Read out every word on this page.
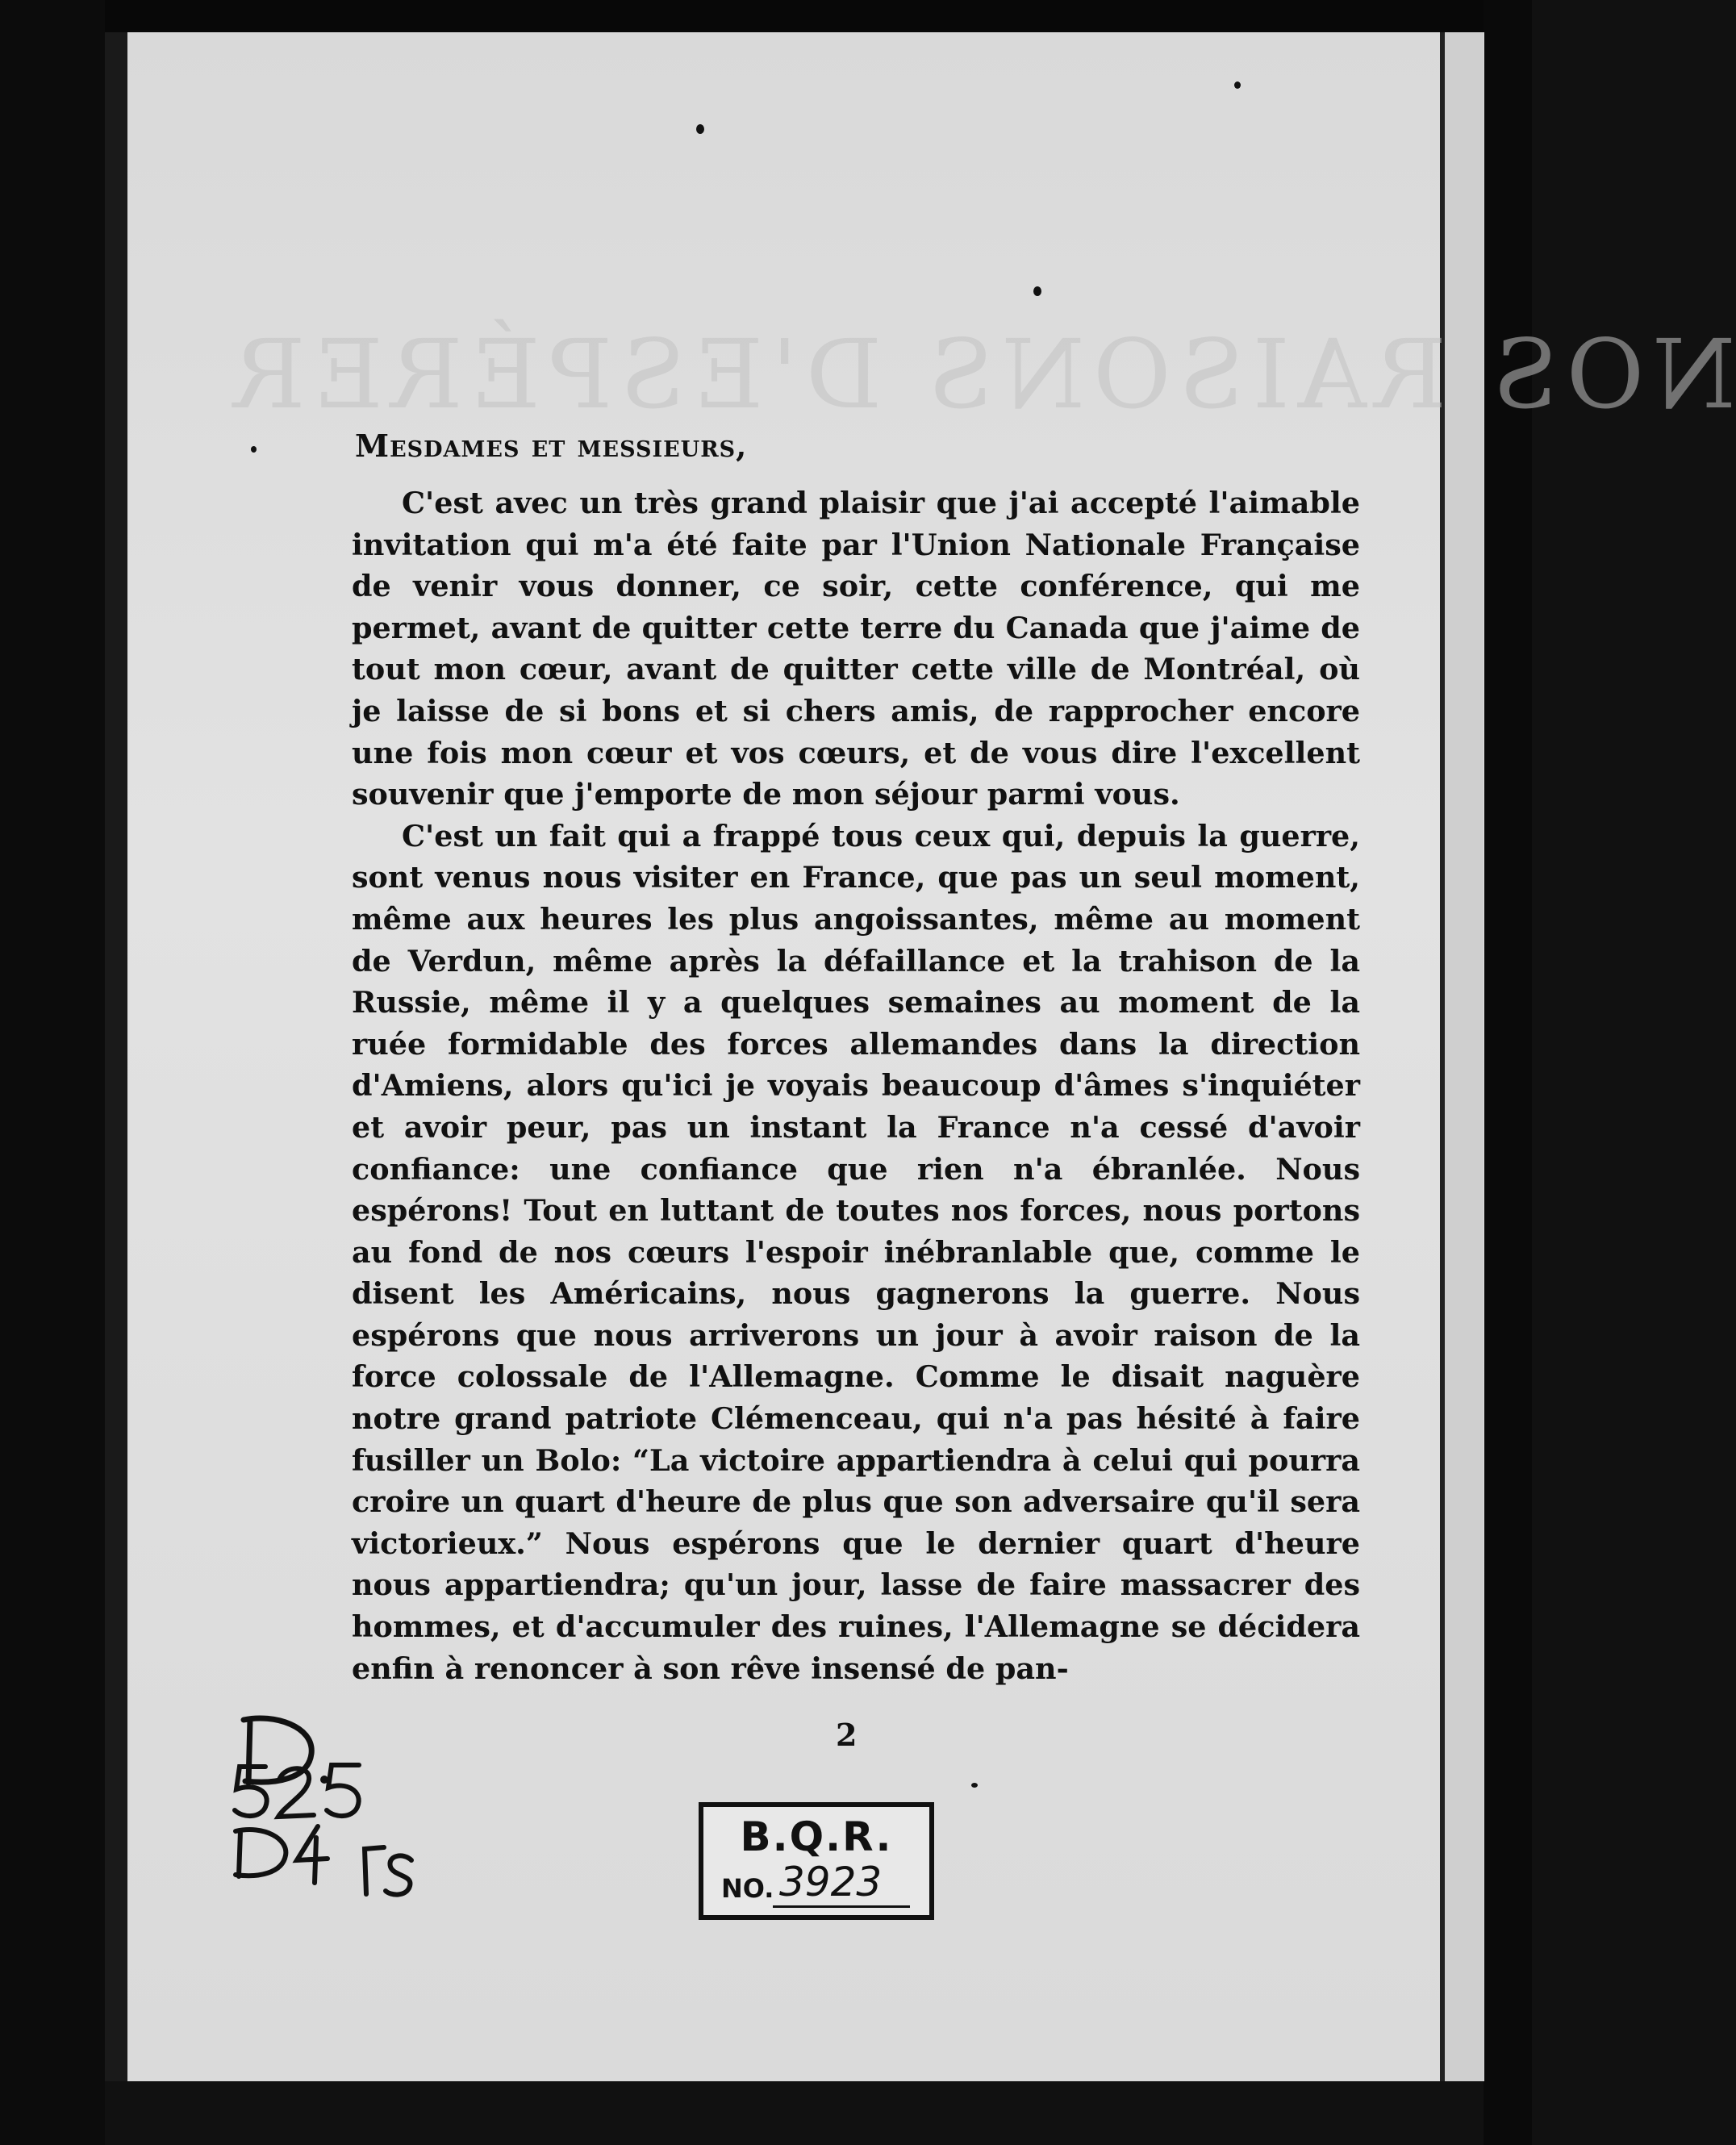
NOS RAISONS D'ESPÉRER
Mesdames et messieurs,

C'est avec un très grand plaisir que j'ai accepté l'aimable invitation qui m'a été faite par l'Union Nationale Française de venir vous donner, ce soir, cette conférence, qui me permet, avant de quitter cette terre du Canada que j'aime de tout mon cœur, avant de quitter cette ville de Montréal, où je laisse de si bons et si chers amis, de rapprocher encore une fois mon cœur et vos cœurs, et de vous dire l'excellent souvenir que j'emporte de mon séjour parmi vous.

C'est un fait qui a frappé tous ceux qui, depuis la guerre, sont venus nous visiter en France, que pas un seul moment, même aux heures les plus angoissantes, même au moment de Verdun, même après la défaillance et la trahison de la Russie, même il y a quelques semaines au moment de la ruée formidable des forces allemandes dans la direction d'Amiens, alors qu'ici je voyais beaucoup d'âmes s'inquiéter et avoir peur, pas un instant la France n'a cessé d'avoir confiance: une confiance que rien n'a ébranlée. Nous espérons! Tout en luttant de toutes nos forces, nous portons au fond de nos cœurs l'espoir inébranlable que, comme le disent les Américains, nous gagnerons la guerre. Nous espérons que nous arriverons un jour à avoir raison de la force colossale de l'Allemagne. Comme le disait naguère notre grand patriote Clémenceau, qui n'a pas hésité à faire fusiller un Bolo: “La victoire appartiendra à celui qui pourra croire un quart d'heure de plus que son adversaire qu'il sera victorieux.” Nous espérons que le dernier quart d'heure nous appartiendra; qu'un jour, lasse de faire massacrer des hommes, et d'accumuler des ruines, l'Allemagne se décidera enfin à renoncer à son rêve insensé de pan-

2
B.Q.R.
NO. 3923
